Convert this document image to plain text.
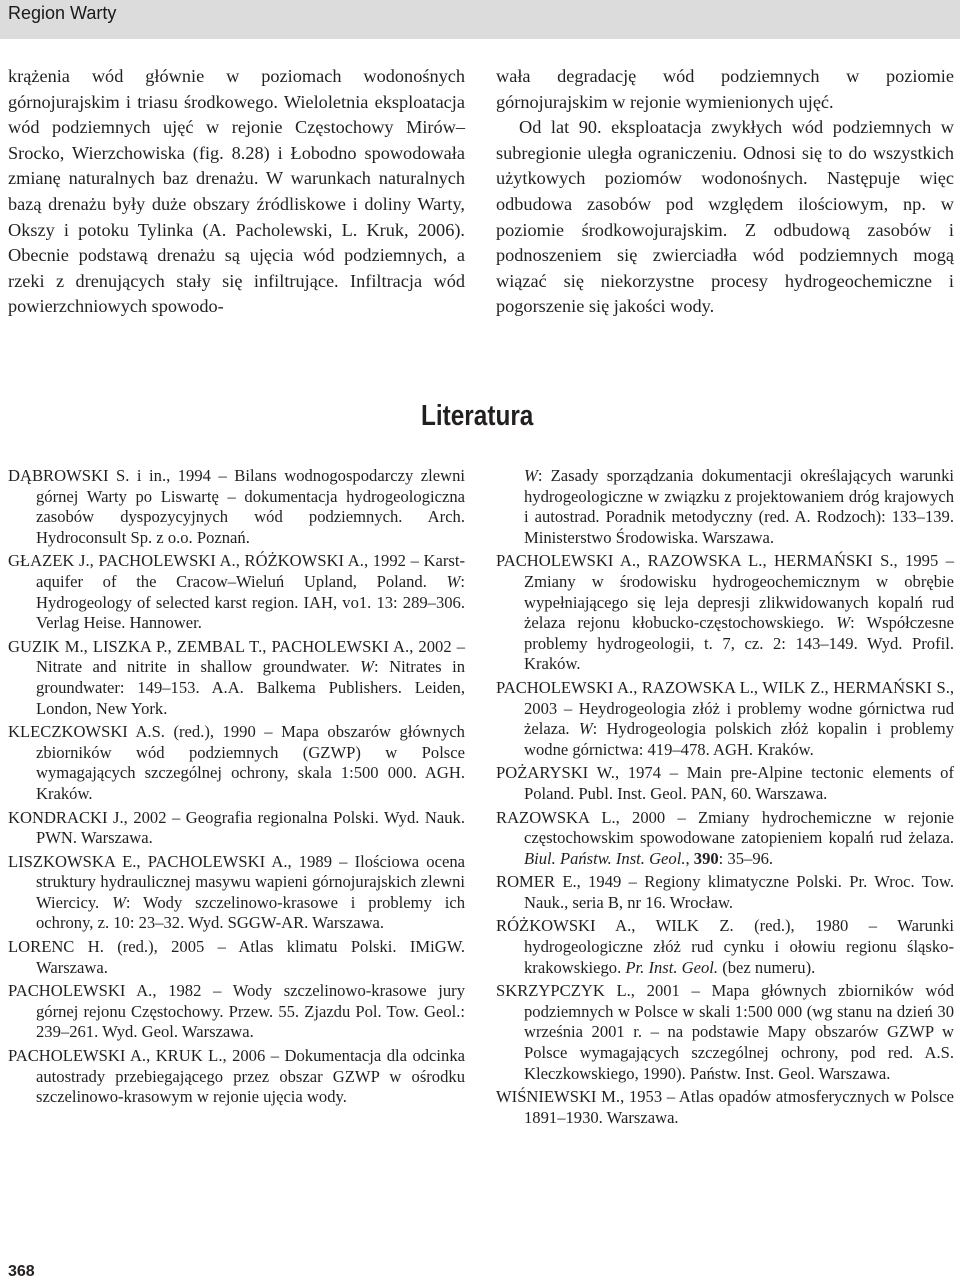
Region Warty

krążenia wód głównie w poziomach wodonośnych górnojurajskim i triasu środkowego. Wieloletnia eksploatacja wód podziemnych ujęć w rejonie Częstochowy Mirów–Srocko, Wierzchowiska (fig. 8.28) i Łobodno spowodowała zmianę naturalnych baz drenażu. W warunkach naturalnych bazą drenażu były duże obszary źródliskowe i doliny Warty, Okszy i potoku Tylinka (A. Pacholewski, L. Kruk, 2006). Obecnie podstawą drenażu są ujęcia wód podziemnych, a rzeki z drenujących stały się infiltrujące. Infiltracja wód powierzchniowych spowodo-

wała degradację wód podziemnych w poziomie górnojurajskim w rejonie wymienionych ujęć.

Od lat 90. eksploatacja zwykłych wód podziemnych w subregionie uległa ograniczeniu. Odnosi się to do wszystkich użytkowych poziomów wodonośnych. Następuje więc odbudowa zasobów pod względem ilościowym, np. w poziomie środkowojurajskim. Z odbudową zasobów i podnoszeniem się zwierciadła wód podziemnych mogą wiązać się niekorzystne procesy hydrogeochemiczne i pogorszenie się jakości wody.

Literatura

DĄBROWSKI S. i in., 1994 – Bilans wodnogospodarczy zlewni górnej Warty po Liswartę – dokumentacja hydrogeologiczna zasobów dyspozycyjnych wód podziemnych. Arch. Hydroconsult Sp. z o.o. Poznań.

GŁAZEK J., PACHOLEWSKI A., RÓŻKOWSKI A., 1992 – Karst-aquifer of the Cracow–Wieluń Upland, Poland. W: Hydrogeology of selected karst region. IAH, vo1. 13: 289–306. Verlag Heise. Hannower.

GUZIK M., LISZKA P., ZEMBAL T., PACHOLEWSKI A., 2002 – Nitrate and nitrite in shallow groundwater. W: Nitrates in groundwater: 149–153. A.A. Balkema Publishers. Leiden, London, New York.

KLECZKOWSKI A.S. (red.), 1990 – Mapa obszarów głównych zbiorników wód podziemnych (GZWP) w Polsce wymagających szczególnej ochrony, skala 1:500 000. AGH. Kraków.

KONDRACKI J., 2002 – Geografia regionalna Polski. Wyd. Nauk. PWN. Warszawa.

LISZKOWSKA E., PACHOLEWSKI A., 1989 – Ilościowa ocena struktury hydraulicznej masywu wapieni górnojurajskich zlewni Wiercicy. W: Wody szczelinowo-krasowe i problemy ich ochrony, z. 10: 23–32. Wyd. SGGW-AR. Warszawa.

LORENC H. (red.), 2005 – Atlas klimatu Polski. IMiGW. Warszawa.

PACHOLEWSKI A., 1982 – Wody szczelinowo-krasowe jury górnej rejonu Częstochowy. Przew. 55. Zjazdu Pol. Tow. Geol.: 239–261. Wyd. Geol. Warszawa.

PACHOLEWSKI A., KRUK L., 2006 – Dokumentacja dla odcinka autostrady przebiegającego przez obszar GZWP w ośrodku szczelinowo-krasowym w rejonie ujęcia wody.

W: Zasady sporządzania dokumentacji określających warunki hydrogeologiczne w związku z projektowaniem dróg krajowych i autostrad. Poradnik metodyczny (red. A. Rodzoch): 133–139. Ministerstwo Środowiska. Warszawa.

PACHOLEWSKI A., RAZOWSKA L., HERMAŃSKI S., 1995 – Zmiany w środowisku hydrogeochemicznym w obrębie wypełniającego się leja depresji zlikwidowanych kopalń rud żelaza rejonu kłobucko-częstochowskiego. W: Współczesne problemy hydrogeologii, t. 7, cz. 2: 143–149. Wyd. Profil. Kraków.

PACHOLEWSKI A., RAZOWSKA L., WILK Z., HERMAŃSKI S., 2003 – Heydrogeologia złóż i problemy wodne górnictwa rud żelaza. W: Hydrogeologia polskich złóż kopalin i problemy wodne górnictwa: 419–478. AGH. Kraków.

POŻARYSKI W., 1974 – Main pre-Alpine tectonic elements of Poland. Publ. Inst. Geol. PAN, 60. Warszawa.

RAZOWSKA L., 2000 – Zmiany hydrochemiczne w rejonie częstochowskim spowodowane zatopieniem kopalń rud żelaza. Biul. Państw. Inst. Geol., 390: 35–96.

ROMER E., 1949 – Regiony klimatyczne Polski. Pr. Wroc. Tow. Nauk., seria B, nr 16. Wrocław.

RÓŻKOWSKI A., WILK Z. (red.), 1980 – Warunki hydrogeologiczne złóż rud cynku i ołowiu regionu śląsko-krakowskiego. Pr. Inst. Geol. (bez numeru).

SKRZYPCZYK L., 2001 – Mapa głównych zbiorników wód podziemnych w Polsce w skali 1:500 000 (wg stanu na dzień 30 września 2001 r. – na podstawie Mapy obszarów GZWP w Polsce wymagających szczególnej ochrony, pod red. A.S. Kleczkowskiego, 1990). Państw. Inst. Geol. Warszawa.

WIŚNIEWSKI M., 1953 – Atlas opadów atmosferycznych w Polsce 1891–1930. Warszawa.

368
